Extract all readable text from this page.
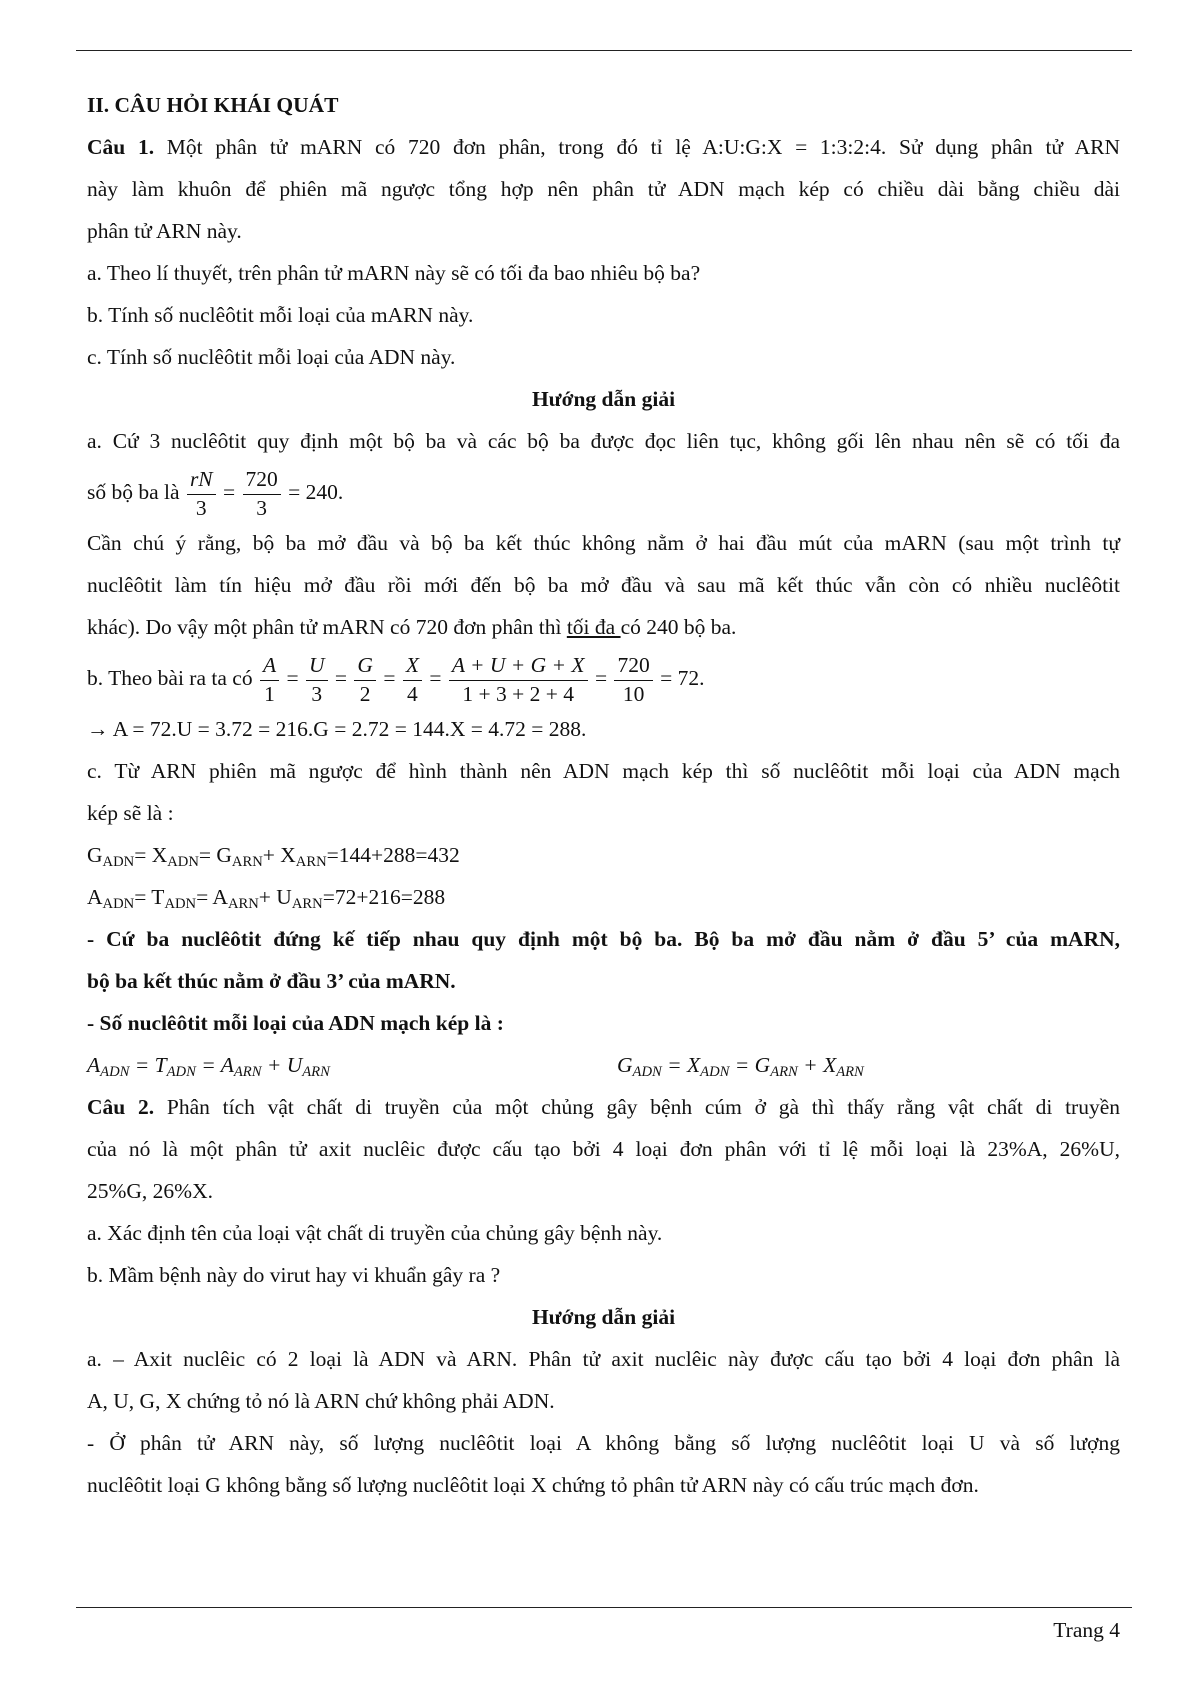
II. CÂU HỎI KHÁI QUÁT
Câu 1. Một phân tử mARN có 720 đơn phân, trong đó tỉ lệ A:U:G:X = 1:3:2:4. Sử dụng phân tử ARN
này làm khuôn để phiên mã ngược tổng hợp nên phân tử ADN mạch kép có chiều dài bằng chiều dài
phân tử ARN này.
a. Theo lí thuyết, trên phân tử mARN này sẽ có tối đa bao nhiêu bộ ba?
b. Tính số nuclêôtit mỗi loại của mARN này.
c. Tính số nuclêôtit mỗi loại của ADN này.
Hướng dẫn giải
a. Cứ 3 nuclêôtit quy định một bộ ba và các bộ ba được đọc liên tục, không gối lên nhau nên sẽ có tối đa
số bộ ba là $\frac{rN}{3} = \frac{720}{3} = 240$.
Cần chú ý rằng, bộ ba mở đầu và bộ ba kết thúc không nằm ở hai đầu mút của mARN (sau một trình tự
nuclêôtit làm tín hiệu mở đầu rồi mới đến bộ ba mở đầu và sau mã kết thúc vẫn còn có nhiều nuclêôtit
khác). Do vậy một phân tử mARN có 720 đơn phân thì tối đa có 240 bộ ba.
b. Theo bài ra ta có $\frac{A}{1} = \frac{U}{3} = \frac{G}{2} = \frac{X}{4} = \frac{A + U + G + X}{1 + 3 + 2 + 4} = \frac{720}{10} = 72$.
→ A = 72.U = 3.72 = 216.G = 2.72 = 144.X = 4.72 = 288.
c. Từ ARN phiên mã ngược để hình thành nên ADN mạch kép thì số nuclêôtit mỗi loại của ADN mạch
kép sẽ là :
$G_{ADN}= X_{ADN}= G_{ARN}+ X_{ARN}=144+288=432$
$A_{ADN}= T_{ADN}= A_{ARN}+ U_{ARN}=72+216=288$
- Cứ ba nuclêôtit đứng kế tiếp nhau quy định một bộ ba. Bộ ba mở đầu nằm ở đầu 5’ của mARN,
bộ ba kết thúc nằm ở đầu 3’ của mARN.
- Số nuclêôtit mỗi loại của ADN mạch kép là :
$A_{ADN} = T_{ADN} = A_{ARN} + U_{ARN}$	$G_{ADN} = X_{ADN} = G_{ARN} + X_{ARN}$
Câu 2. Phân tích vật chất di truyền của một chủng gây bệnh cúm ở gà thì thấy rằng vật chất di truyền
của nó là một phân tử axit nuclêic được cấu tạo bởi 4 loại đơn phân với tỉ lệ mỗi loại là 23%A, 26%U,
25%G, 26%X.
a. Xác định tên của loại vật chất di truyền của chủng gây bệnh này.
b. Mầm bệnh này do virut hay vi khuẩn gây ra ?
Hướng dẫn giải
a. – Axit nuclêic có 2 loại là ADN và ARN. Phân tử axit nuclêic này được cấu tạo bởi 4 loại đơn phân là
A, U, G, X chứng tỏ nó là ARN chứ không phải ADN.
- Ở phân tử ARN này, số lượng nuclêôtit loại A không bằng số lượng nuclêôtit loại U và số lượng
nuclêôtit loại G không bằng số lượng nuclêôtit loại X chứng tỏ phân tử ARN này có cấu trúc mạch đơn.
Trang 4
